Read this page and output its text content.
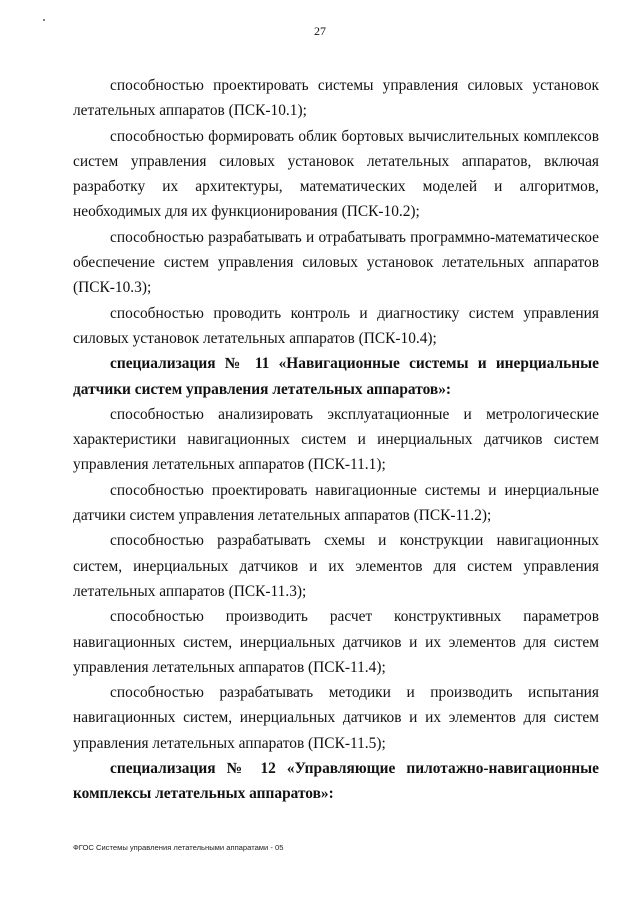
27

способностью проектировать системы управления силовых установок летательных аппаратов (ПСК-10.1);

способностью формировать облик бортовых вычислительных комплексов систем управления силовых установок летательных аппаратов, включая разработку их архитектуры, математических моделей и алгоритмов, необходимых для их функционирования (ПСК-10.2);

способностью разрабатывать и отрабатывать программно-математическое обеспечение систем управления силовых установок летательных аппаратов (ПСК-10.3);

способностью проводить контроль и диагностику систем управления силовых установок летательных аппаратов (ПСК-10.4);

специализация № 11 «Навигационные системы и инерциальные датчики систем управления летательных аппаратов»:

способностью анализировать эксплуатационные и метрологические характеристики навигационных систем и инерциальных датчиков систем управления летательных аппаратов (ПСК-11.1);

способностью проектировать навигационные системы и инерциальные датчики систем управления летательных аппаратов (ПСК-11.2);

способностью разрабатывать схемы и конструкции навигационных систем, инерциальных датчиков и их элементов для систем управления летательных аппаратов (ПСК-11.3);

способностью производить расчет конструктивных параметров навигационных систем, инерциальных датчиков и их элементов для систем управления летательных аппаратов (ПСК-11.4);

способностью разрабатывать методики и производить испытания навигационных систем, инерциальных датчиков и их элементов для систем управления летательных аппаратов (ПСК-11.5);

специализация № 12 «Управляющие пилотажно-навигационные комплексы летательных аппаратов»:

ФГОС Системы управления летательными аппаратами - 05
